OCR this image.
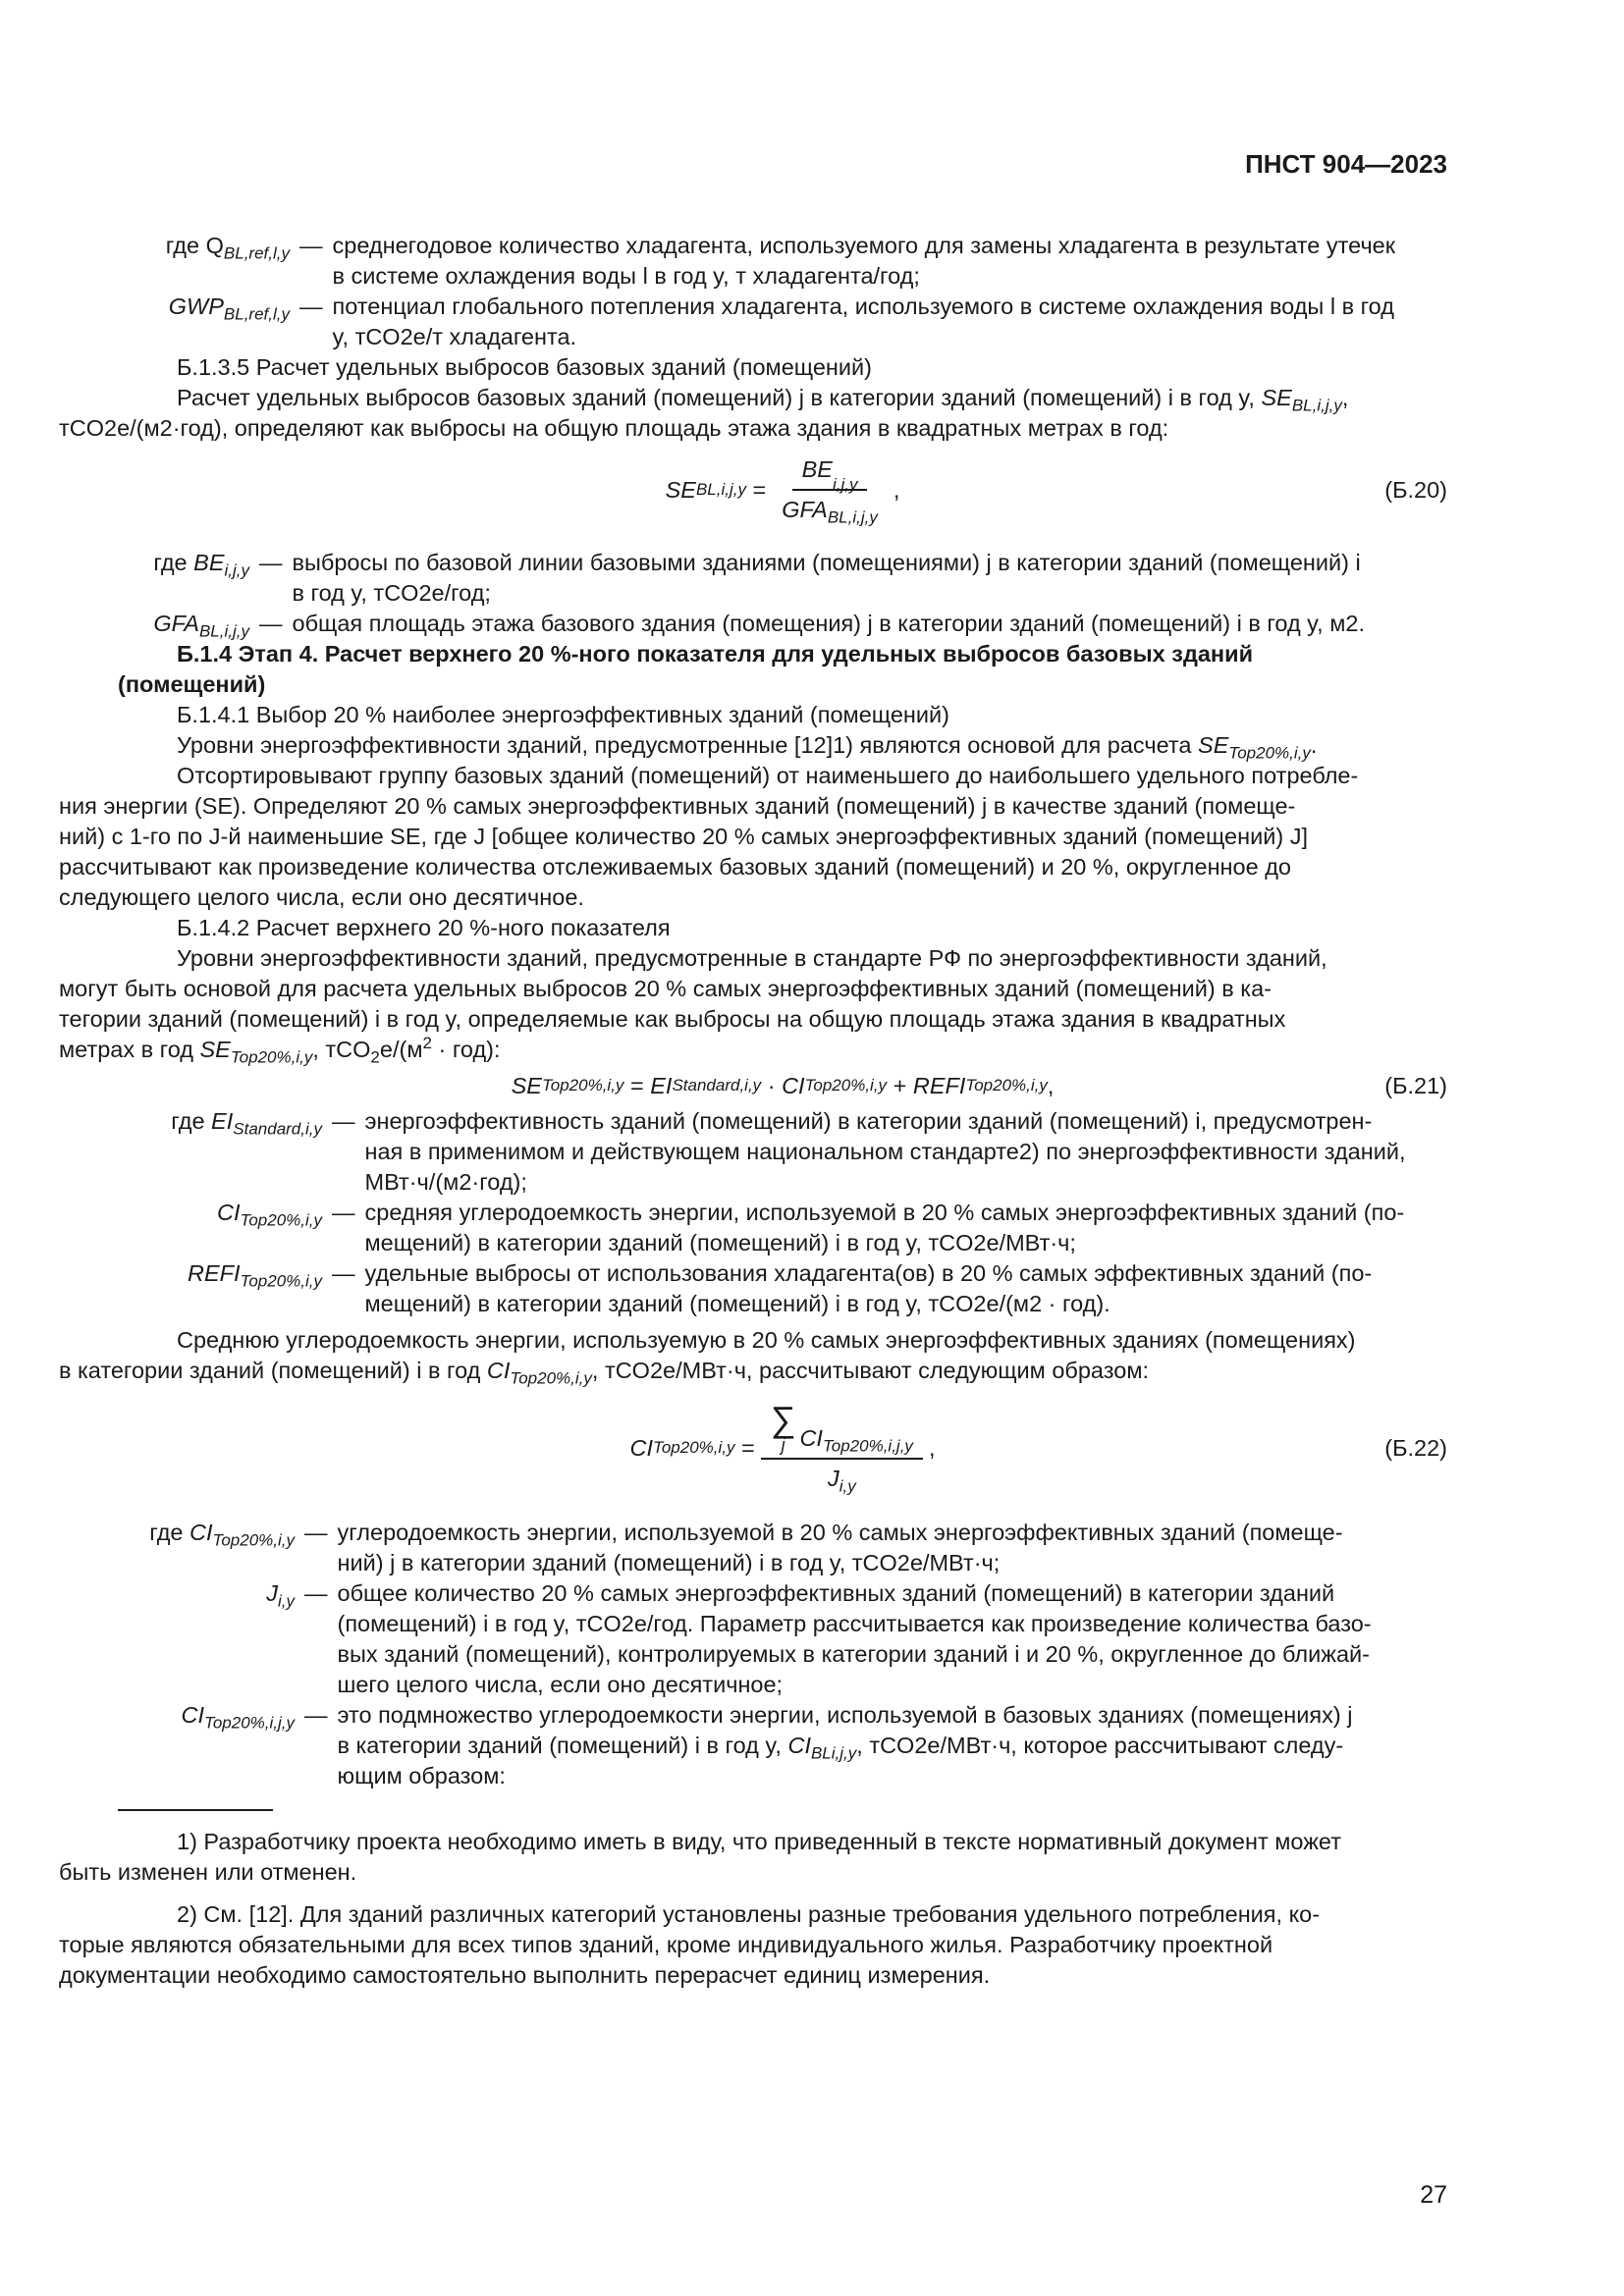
ПНСТ 904—2023
где $Q_{BL,ref,l,y}$ — среднегодовое количество хладагента, используемого для замены хладагента в результате утечек
в системе охлаждения воды l в год y, т хладагента/год;
$GWP_{BL,ref,l,y}$ — потенциал глобального потепления хладагента, используемого в системе охлаждения воды l в год
y, тCO2e/т хладагента.

Б.1.3.5 Расчет удельных выбросов базовых зданий (помещений)

Расчет удельных выбросов базовых зданий (помещений) j в категории зданий (помещений) i в год y, $SE_{BL,i,j,y}$,
тCO2e/(м2·год), определяют как выбросы на общую площадь этажа здания в квадратных метрах в год:

SE BL,i,j,y = BE
i,j,y
$GFA_{BL,i,j,y}$ ,	(Б.20)
где $BE_{i,j,y}$ — выбросы по базовой линии базовыми зданиями (помещениями) j в категории зданий (помещений) i
в год y, тCO2e/год;
$GFA_{BL,i,j,y}$ — общая площадь этажа базового здания (помещения) j в категории зданий (помещений) i в год y, м2.

Б.1.4 Этап 4. Расчет верхнего 20 %-ного показателя для удельных выбросов базовых зданий
(помещений)

Б.1.4.1 Выбор 20 % наиболее энергоэффективных зданий (помещений)

Уровни энергоэффективности зданий, предусмотренные [12]1) являются основой для расчета $SE_{Top20\%,i,y}$.

Отсортировывают группу базовых зданий (помещений) от наименьшего до наибольшего удельного потребле-
ния энергии (SE). Определяют 20 % самых энергоэффективных зданий (помещений) j в качестве зданий (помеще-
ний) с 1-го по J-й наименьшие SE, где J [общее количество 20 % самых энергоэффективных зданий (помещений) J]
рассчитывают как произведение количества отслеживаемых базовых зданий (помещений) и 20 %, округленное до
следующего целого числа, если оно десятичное.

Б.1.4.2 Расчет верхнего 20 %-ного показателя

Уровни энергоэффективности зданий, предусмотренные в стандарте РФ по энергоэффективности зданий,
могут быть основой для расчета удельных выбросов 20 % самых энергоэффективных зданий (помещений) в ка-
тегории зданий (помещений) i в год y, определяемые как выбросы на общую площадь этажа здания в квадратных
метрах в год $SE_{Top20\%,i,y}$, $тCO_2e/(м^2 \cdot год)$:

SE Top20%,i,y = EI Standard,i,y · CI Top20%,i,y + REFI Top20%,i,y ,	(Б.21)
где $EI_{Standard,i,y}$ — энергоэффективность зданий (помещений) в категории зданий (помещений) i, предусмотрен-
ная в применимом и действующем национальном стандарте2) по энергоэффективности зданий,
МВт·ч/(м2·год);
$CI_{Top20\%,i,y}$ — средняя углеродоемкость энергии, используемой в 20 % самых энергоэффективных зданий (по-
мещений) в категории зданий (помещений) i в год y, тCO2e/МВт·ч;
$REFI_{Top20\%,i,y}$ — удельные выбросы от использования хладагента(ов) в 20 % самых эффективных зданий (по-
мещений) в категории зданий (помещений) i в год y, тCO2e/(м2 · год).

Среднюю углеродоемкость энергии, используемую в 20 % самых энергоэффективных зданиях (помещениях)
в категории зданий (помещений) i в год $CI_{Top20\%,i,y}$, тCO2e/МВт·ч, рассчитывают следующим образом:

CI Top20%,i,y = ∑
j $CI_{Top20\%,i,j,y}$
$J_{i,y}$ ,	(Б.22)
где $CI_{Top20\%,i,y}$ — углеродоемкость энергии, используемой в 20 % самых энергоэффективных зданий (помеще-
ний) j в категории зданий (помещений) i в год y, тCO2e/МВт·ч;
$J_{i,y}$ — общее количество 20 % самых энергоэффективных зданий (помещений) в категории зданий
(помещений) i в год y, тCO2e/год. Параметр рассчитывается как произведение количества базо-
вых зданий (помещений), контролируемых в категории зданий i и 20 %, округленное до ближай-
шего целого числа, если оно десятичное;
$CI_{Top20\%,i,j,y}$ — это подмножество углеродоемкости энергии, используемой в базовых зданиях (помещениях) j
в категории зданий (помещений) i в год y, $CI_{BLi,j,y}$, тCO2e/МВт·ч, которое рассчитывают следу-
ющим образом:

1) Разработчику проекта необходимо иметь в виду, что приведенный в тексте нормативный документ может
быть изменен или отменен.

2) См. [12]. Для зданий различных категорий установлены разные требования удельного потребления, ко-
торые являются обязательными для всех типов зданий, кроме индивидуального жилья. Разработчику проектной
документации необходимо самостоятельно выполнить перерасчет единиц измерения.

27
